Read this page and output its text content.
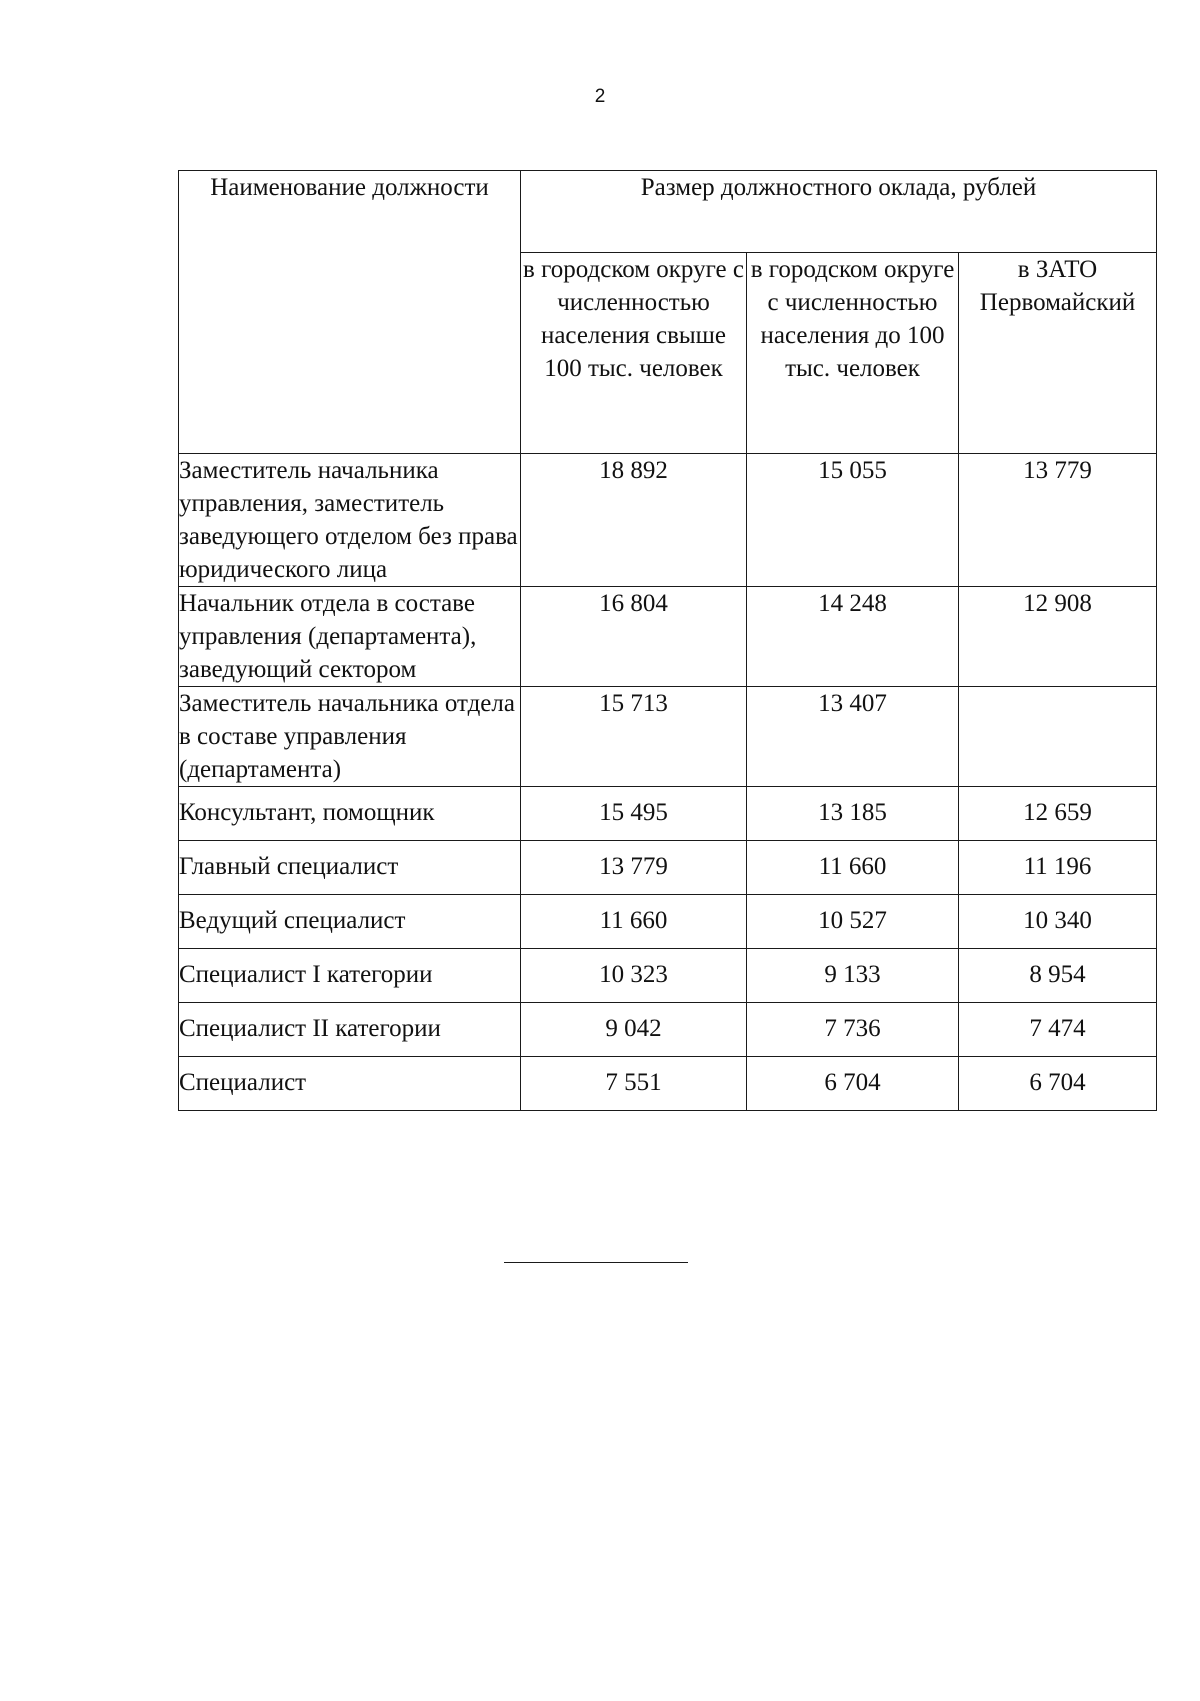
2
Наименование должности	Размер должностного оклада, рублей		
	в городском округе с численностью населения свыше 100 тыс. человек	в городском округе с численностью населения до 100 тыс. человек	в ЗАТО Первомайский
Заместитель начальника управления, заместитель заведующего отделом без права юридического лица	18 892	15 055	13 779
Начальник отдела в составе управления (департамента), заведующий сектором	16 804	14 248	12 908
Заместитель начальника отдела в составе управления (департамента)	15 713	13 407	
Консультант, помощник	15 495	13 185	12 659
Главный специалист	13 779	11 660	11 196
Ведущий специалист	11 660	10 527	10 340
Специалист I категории	10 323	9 133	8 954
Специалист II категории	9 042	7 736	7 474
Специалист	7 551	6 704	6 704
